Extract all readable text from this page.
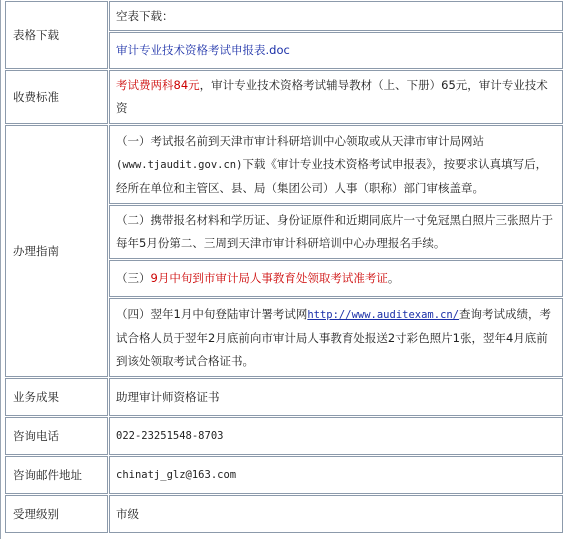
表格下载	空表下载：
	审计专业技术资格考试申报表.doc
收费标准	考试费两科84元，审计专业技术资格考试辅导教材（上、下册）65元，审计专业技术资
办理指南	（一）考试报名前到天津市审计科研培训中心领取或从天津市审计局网站(www.tjaudit.gov.cn)下载《审计专业技术资格考试申报表》，按要求认真填写后，经所在单位和主管区、县、局（集团公司）人事（职称）部门审核盖章。
	（二）携带报名材料和学历证、身份证原件和近期同底片一寸免冠黑白照片三张照片于每年5月份第二、三周到天津市审计科研培训中心办理报名手续。
	（三）9月中旬到市审计局人事教育处领取考试准考证。
	（四）翌年1月中旬登陆审计署考试网http://www.auditexam.cn/查询考试成绩，考试合格人员于翌年2月底前向市审计局人事教育处报送2寸彩色照片1张，翌年4月底前到该处领取考试合格证书。
业务成果	助理审计师资格证书
咨询电话	022-23251548-8703
咨询邮件地址	chinatj_glz@163.com
受理级别	市级
